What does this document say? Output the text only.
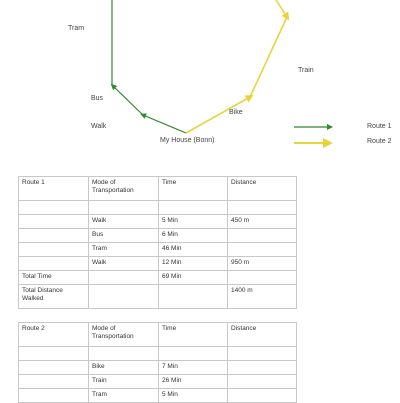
Tram
Train
Bus
Walk
Bike
My House (Bonn)
Route 1
Route 2
Route 1	Mode of Transportation	Time	Distance

	Walk	5 Min	450 m
	Bus	6 Min	
	Tram	46 Min	
	Walk	12 Min	950 m
Total Time		69 Min	
Total Distance Walked			1400 m
Route 2	Mode of Transportation	Time	Distance

	Bike	7 Min	
	Train	26 Min	
	Tram	5 Min	
